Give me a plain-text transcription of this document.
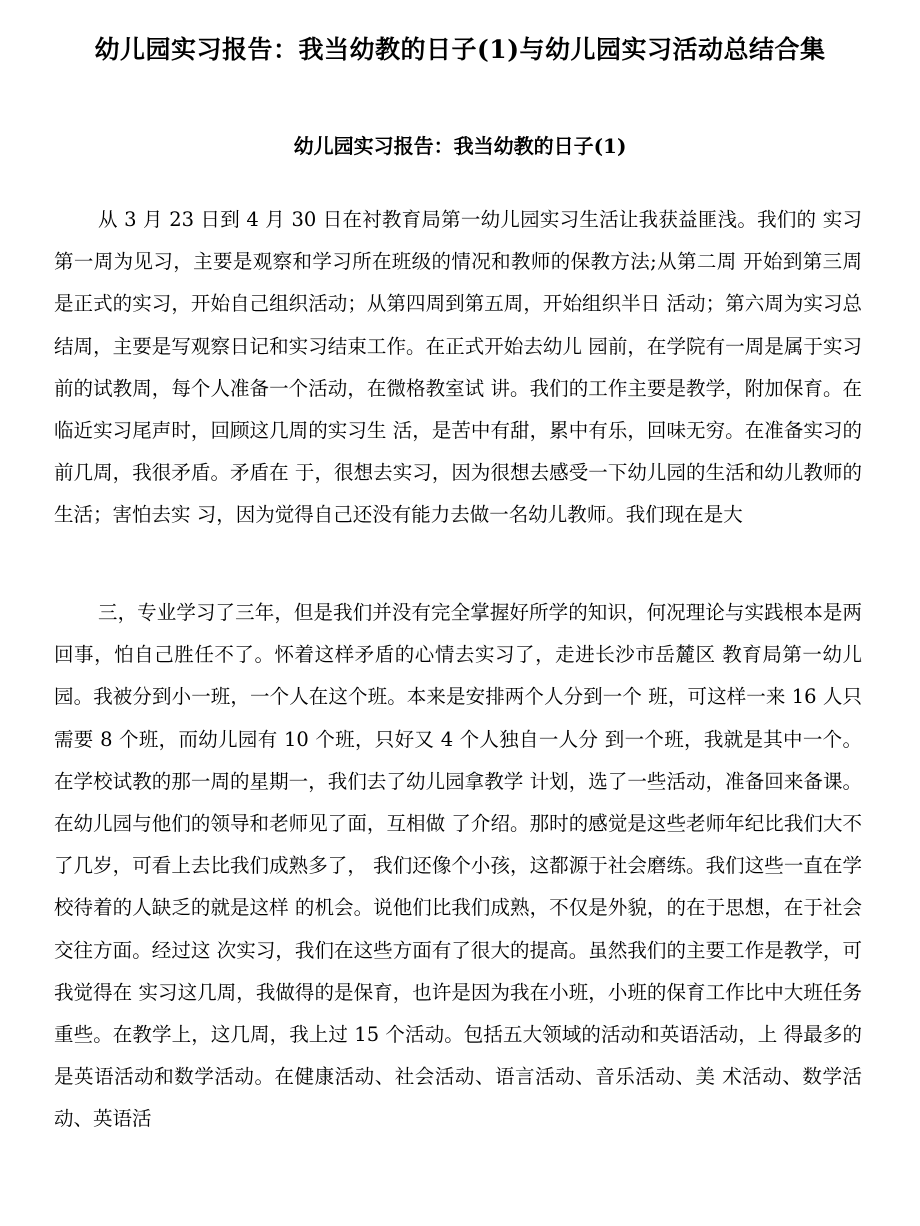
幼儿园实习报告：我当幼教的日子(1)与幼儿园实习活动总结合集
幼儿园实习报告：我当幼教的日子(1)

从 3 月 23 日到 4 月 30 日在衬教育局第一幼儿园实习生活让我获益匪浅。我们的 实习第一周为见习，主要是观察和学习所在班级的情况和教师的保教方法;从第二周 开始到第三周是正式的实习，开始自己组织活动；从第四周到第五周，开始组织半日 活动；第六周为实习总结周，主要是写观察日记和实习结束工作。在正式开始去幼儿 园前，在学院有一周是属于实习前的试教周，每个人准备一个活动，在微格教室试 讲。我们的工作主要是教学，附加保育。在临近实习尾声时，回顾这几周的实习生 活，是苦中有甜，累中有乐，回味无穷。在准备实习的前几周，我很矛盾。矛盾在 于，很想去实习，因为很想去感受一下幼儿园的生活和幼儿教师的生活；害怕去实 习，因为觉得自己还没有能力去做一名幼儿教师。我们现在是大

三，专业学习了三年，但是我们并没有完全掌握好所学的知识，何况理论与实践根本是两回事，怕自己胜任不了。怀着这样矛盾的心情去实习了，走进长沙市岳麓区 教育局第一幼儿园。我被分到小一班，一个人在这个班。本来是安排两个人分到一个 班，可这样一来 16 人只需要 8 个班，而幼儿园有 10 个班，只好又 4 个人独自一人分 到一个班，我就是其中一个。在学校试教的那一周的星期一，我们去了幼儿园拿教学 计划，选了一些活动，准备回来备课。在幼儿园与他们的领导和老师见了面，互相做 了介绍。那时的感觉是这些老师年纪比我们大不了几岁，可看上去比我们成熟多了， 我们还像个小孩，这都源于社会磨练。我们这些一直在学校待着的人缺乏的就是这样 的机会。说他们比我们成熟，不仅是外貌，的在于思想，在于社会交往方面。经过这 次实习，我们在这些方面有了很大的提高。虽然我们的主要工作是教学，可我觉得在 实习这几周，我做得的是保育，也许是因为我在小班，小班的保育工作比中大班任务 重些。在教学上，这几周，我上过 15 个活动。包括五大领域的活动和英语活动，上 得最多的是英语活动和数学活动。在健康活动、社会活动、语言活动、音乐活动、美 术活动、数学活动、英语活
